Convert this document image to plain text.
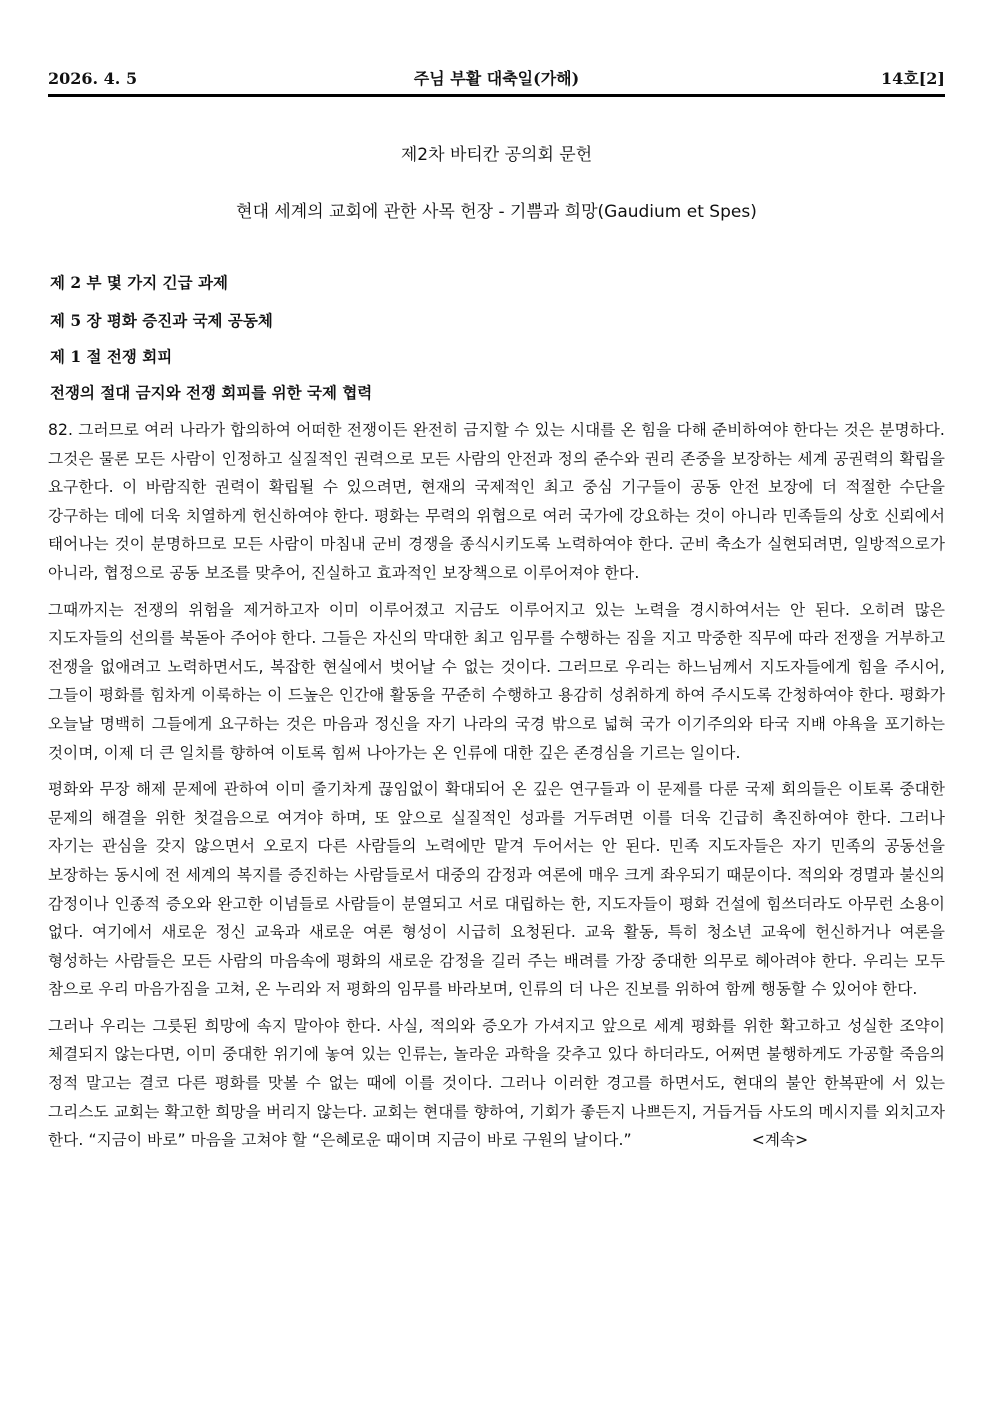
2026. 4. 5	주님 부활 대축일(가해)	14호[2]
제2차 바티칸 공의회 문헌
현대 세계의 교회에 관한 사목 헌장 - 기쁨과 희망(Gaudium et Spes)
제 2 부 몇 가지 긴급 과제
제 5 장 평화 증진과 국제 공동체
제 1 절 전쟁 회피
전쟁의 절대 금지와 전쟁 회피를 위한 국제 협력

82. 그러므로 여러 나라가 합의하여 어떠한 전쟁이든 완전히 금지할 수 있는 시대를 온 힘을 다해 준비하여야 한다는 것은 분명하다. 그것은 물론 모든 사람이 인정하고 실질적인 권력으로 모든 사람의 안전과 정의 준수와 권리 존중을 보장하는 세계 공권력의 확립을 요구한다. 이 바람직한 권력이 확립될 수 있으려면, 현재의 국제적인 최고 중심 기구들이 공동 안전 보장에 더 적절한 수단을 강구하는 데에 더욱 치열하게 헌신하여야 한다. 평화는 무력의 위협으로 여러 국가에 강요하는 것이 아니라 민족들의 상호 신뢰에서 태어나는 것이 분명하므로 모든 사람이 마침내 군비 경쟁을 종식시키도록 노력하여야 한다. 군비 축소가 실현되려면, 일방적으로가 아니라, 협정으로 공동 보조를 맞추어, 진실하고 효과적인 보장책으로 이루어져야 한다.

그때까지는 전쟁의 위험을 제거하고자 이미 이루어졌고 지금도 이루어지고 있는 노력을 경시하여서는 안 된다. 오히려 많은 지도자들의 선의를 북돋아 주어야 한다. 그들은 자신의 막대한 최고 임무를 수행하는 짐을 지고 막중한 직무에 따라 전쟁을 거부하고 전쟁을 없애려고 노력하면서도, 복잡한 현실에서 벗어날 수 없는 것이다. 그러므로 우리는 하느님께서 지도자들에게 힘을 주시어, 그들이 평화를 힘차게 이룩하는 이 드높은 인간애 활동을 꾸준히 수행하고 용감히 성취하게 하여 주시도록 간청하여야 한다. 평화가 오늘날 명백히 그들에게 요구하는 것은 마음과 정신을 자기 나라의 국경 밖으로 넓혀 국가 이기주의와 타국 지배 야욕을 포기하는 것이며, 이제 더 큰 일치를 향하여 이토록 힘써 나아가는 온 인류에 대한 깊은 존경심을 기르는 일이다.

평화와 무장 해제 문제에 관하여 이미 줄기차게 끊임없이 확대되어 온 깊은 연구들과 이 문제를 다룬 국제 회의들은 이토록 중대한 문제의 해결을 위한 첫걸음으로 여겨야 하며, 또 앞으로 실질적인 성과를 거두려면 이를 더욱 긴급히 촉진하여야 한다. 그러나 자기는 관심을 갖지 않으면서 오로지 다른 사람들의 노력에만 맡겨 두어서는 안 된다. 민족 지도자들은 자기 민족의 공동선을 보장하는 동시에 전 세계의 복지를 증진하는 사람들로서 대중의 감정과 여론에 매우 크게 좌우되기 때문이다. 적의와 경멸과 불신의 감정이나 인종적 증오와 완고한 이념들로 사람들이 분열되고 서로 대립하는 한, 지도자들이 평화 건설에 힘쓰더라도 아무런 소용이 없다. 여기에서 새로운 정신 교육과 새로운 여론 형성이 시급히 요청된다. 교육 활동, 특히 청소년 교육에 헌신하거나 여론을 형성하는 사람들은 모든 사람의 마음속에 평화의 새로운 감정을 길러 주는 배려를 가장 중대한 의무로 헤아려야 한다. 우리는 모두 참으로 우리 마음가짐을 고쳐, 온 누리와 저 평화의 임무를 바라보며, 인류의 더 나은 진보를 위하여 함께 행동할 수 있어야 한다.

그러나 우리는 그릇된 희망에 속지 말아야 한다. 사실, 적의와 증오가 가셔지고 앞으로 세계 평화를 위한 확고하고 성실한 조약이 체결되지 않는다면, 이미 중대한 위기에 놓여 있는 인류는, 놀라운 과학을 갖추고 있다 하더라도, 어쩌면 불행하게도 가공할 죽음의 정적 말고는 결코 다른 평화를 맛볼 수 없는 때에 이를 것이다. 그러나 이러한 경고를 하면서도, 현대의 불안 한복판에 서 있는 그리스도 교회는 확고한 희망을 버리지 않는다. 교회는 현대를 향하여, 기회가 좋든지 나쁘든지, 거듭거듭 사도의 메시지를 외치고자 한다. “지금이 바로” 마음을 고쳐야 할 “은혜로운 때이며 지금이 바로 구원의 날이다.”	<계속>
